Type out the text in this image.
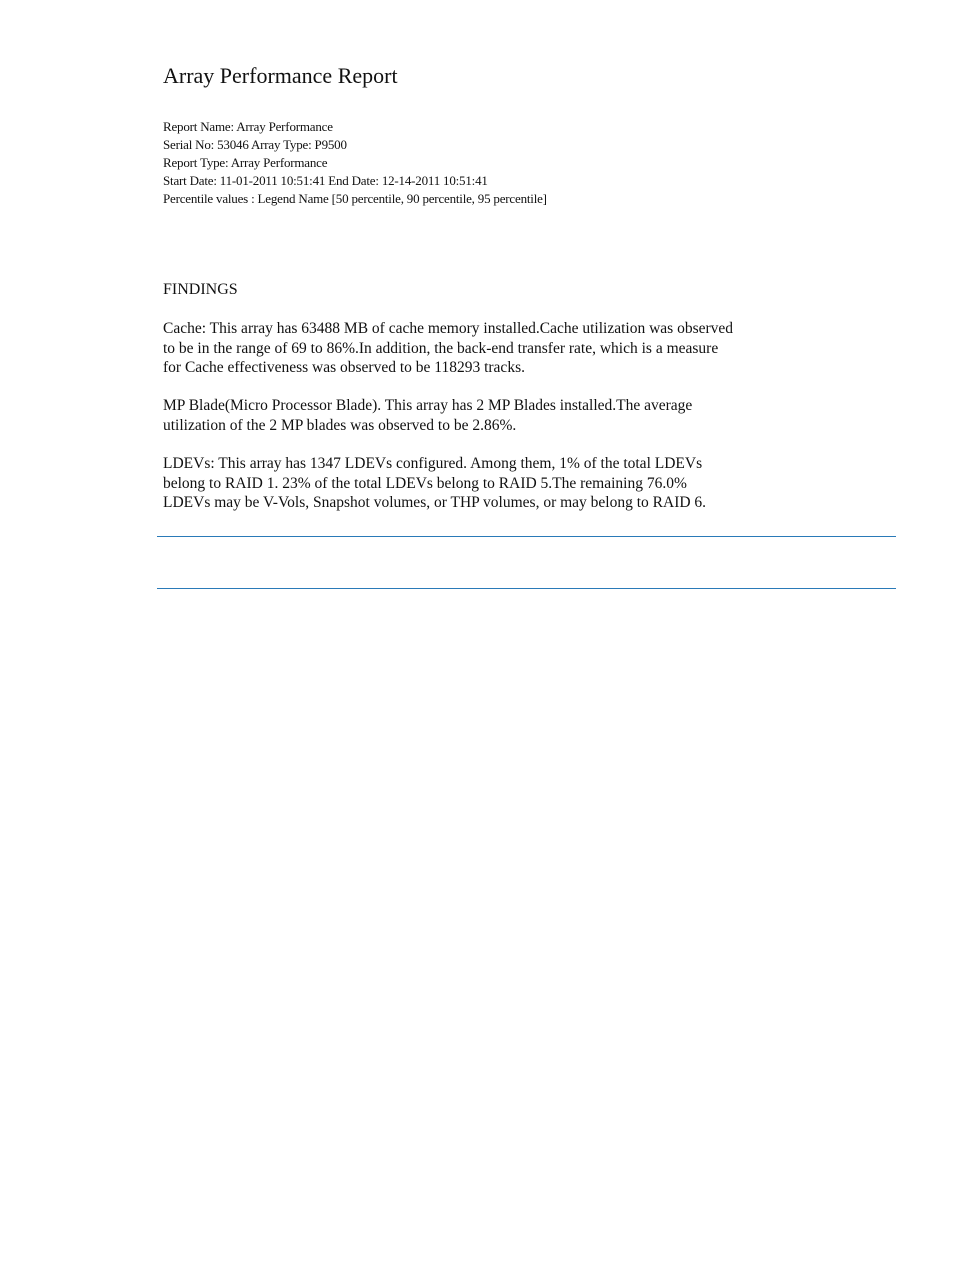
Array Performance Report
Report Name: Array Performance
Serial No: 53046 Array Type: P9500
Report Type: Array Performance
Start Date: 11-01-2011 10:51:41 End Date: 12-14-2011 10:51:41
Percentile values : Legend Name [50 percentile, 90 percentile, 95 percentile]
FINDINGS
Cache: This array has 63488 MB of cache memory installed.Cache utilization was observed
to be in the range of 69 to 86%.In addition, the back-end transfer rate, which is a measure
for Cache effectiveness was observed to be 118293 tracks.
MP Blade(Micro Processor Blade). This array has 2 MP Blades installed.The average
utilization of the 2 MP blades was observed to be 2.86%.
LDEVs: This array has 1347 LDEVs configured. Among them, 1% of the total LDEVs
belong to RAID 1. 23% of the total LDEVs belong to RAID 5.The remaining 76.0%
LDEVs may be V-Vols, Snapshot volumes, or THP volumes, or may belong to RAID 6.
